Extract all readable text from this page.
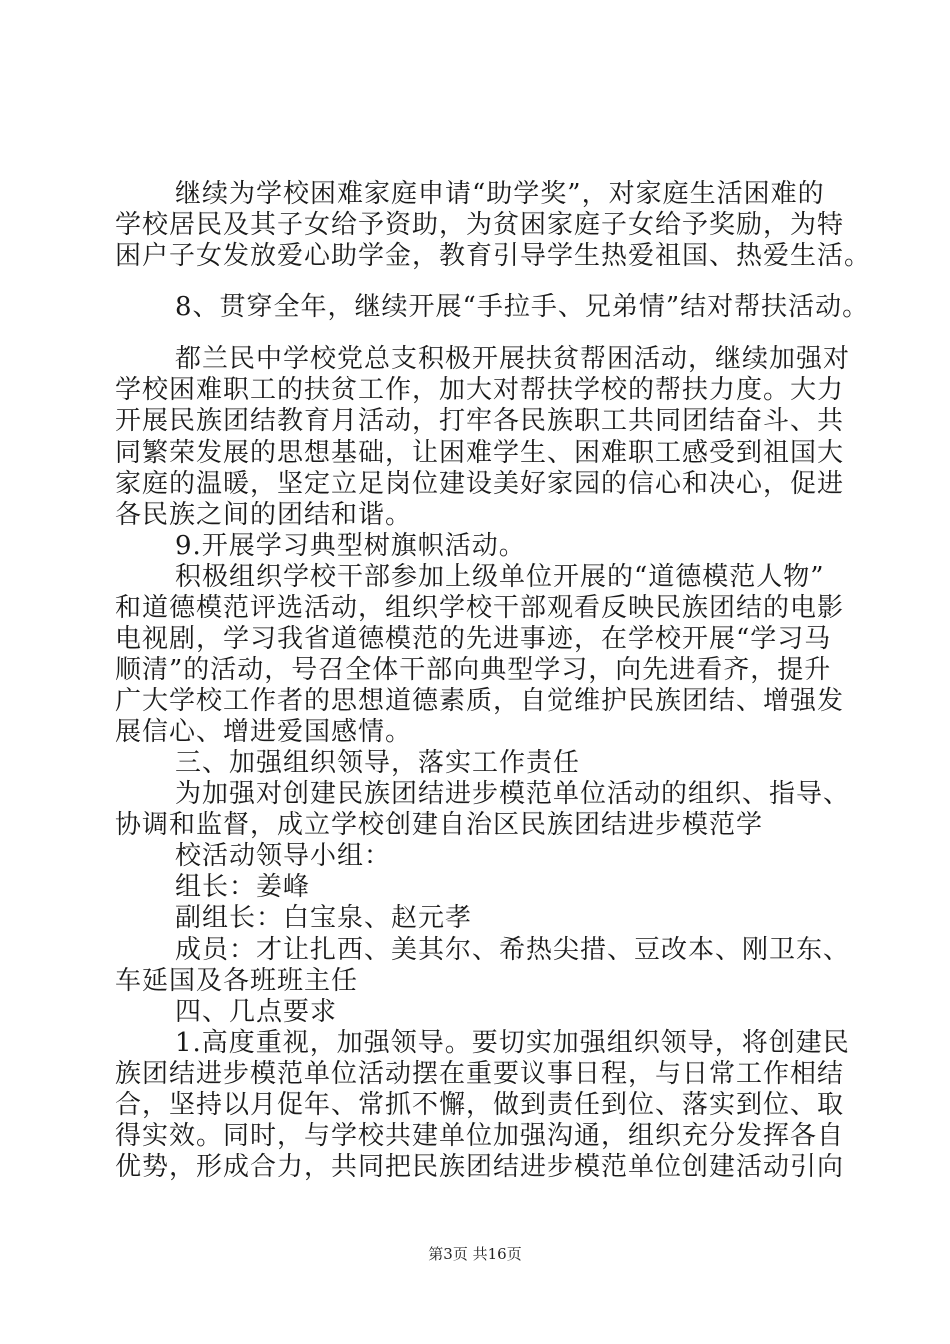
继续为学校困难家庭申请“助学奖”，对家庭生活困难的

学校居民及其子女给予资助，为贫困家庭子女给予奖励，为特

困户子女发放爱心助学金，教育引导学生热爱祖国、热爱生活。

8、贯穿全年，继续开展“手拉手、兄弟情”结对帮扶活动。

都兰民中学校党总支积极开展扶贫帮困活动，继续加强对

学校困难职工的扶贫工作，加大对帮扶学校的帮扶力度。大力

开展民族团结教育月活动，打牢各民族职工共同团结奋斗、共

同繁荣发展的思想基础，让困难学生、困难职工感受到祖国大

家庭的温暖，坚定立足岗位建设美好家园的信心和决心，促进

各民族之间的团结和谐。

9.开展学习典型树旗帜活动。

积极组织学校干部参加上级单位开展的“道德模范人物”

和道德模范评选活动，组织学校干部观看反映民族团结的电影

电视剧，学习我省道德模范的先进事迹，在学校开展“学习马

顺清”的活动，号召全体干部向典型学习，向先进看齐，提升

广大学校工作者的思想道德素质，自觉维护民族团结、增强发

展信心、增进爱国感情。

三、加强组织领导，落实工作责任

为加强对创建民族团结进步模范单位活动的组织、指导、

协调和监督，成立学校创建自治区民族团结进步模范学

校活动领导小组：

组长：姜峰

副组长：白宝泉、赵元孝

成员：才让扎西、美其尔、希热尖措、豆改本、刚卫东、

车延国及各班班主任

四、几点要求

1.高度重视，加强领导。要切实加强组织领导，将创建民

族团结进步模范单位活动摆在重要议事日程，与日常工作相结

合，坚持以月促年、常抓不懈，做到责任到位、落实到位、取

得实效。同时，与学校共建单位加强沟通，组织充分发挥各自

优势，形成合力，共同把民族团结进步模范单位创建活动引向

第3页 共16页
